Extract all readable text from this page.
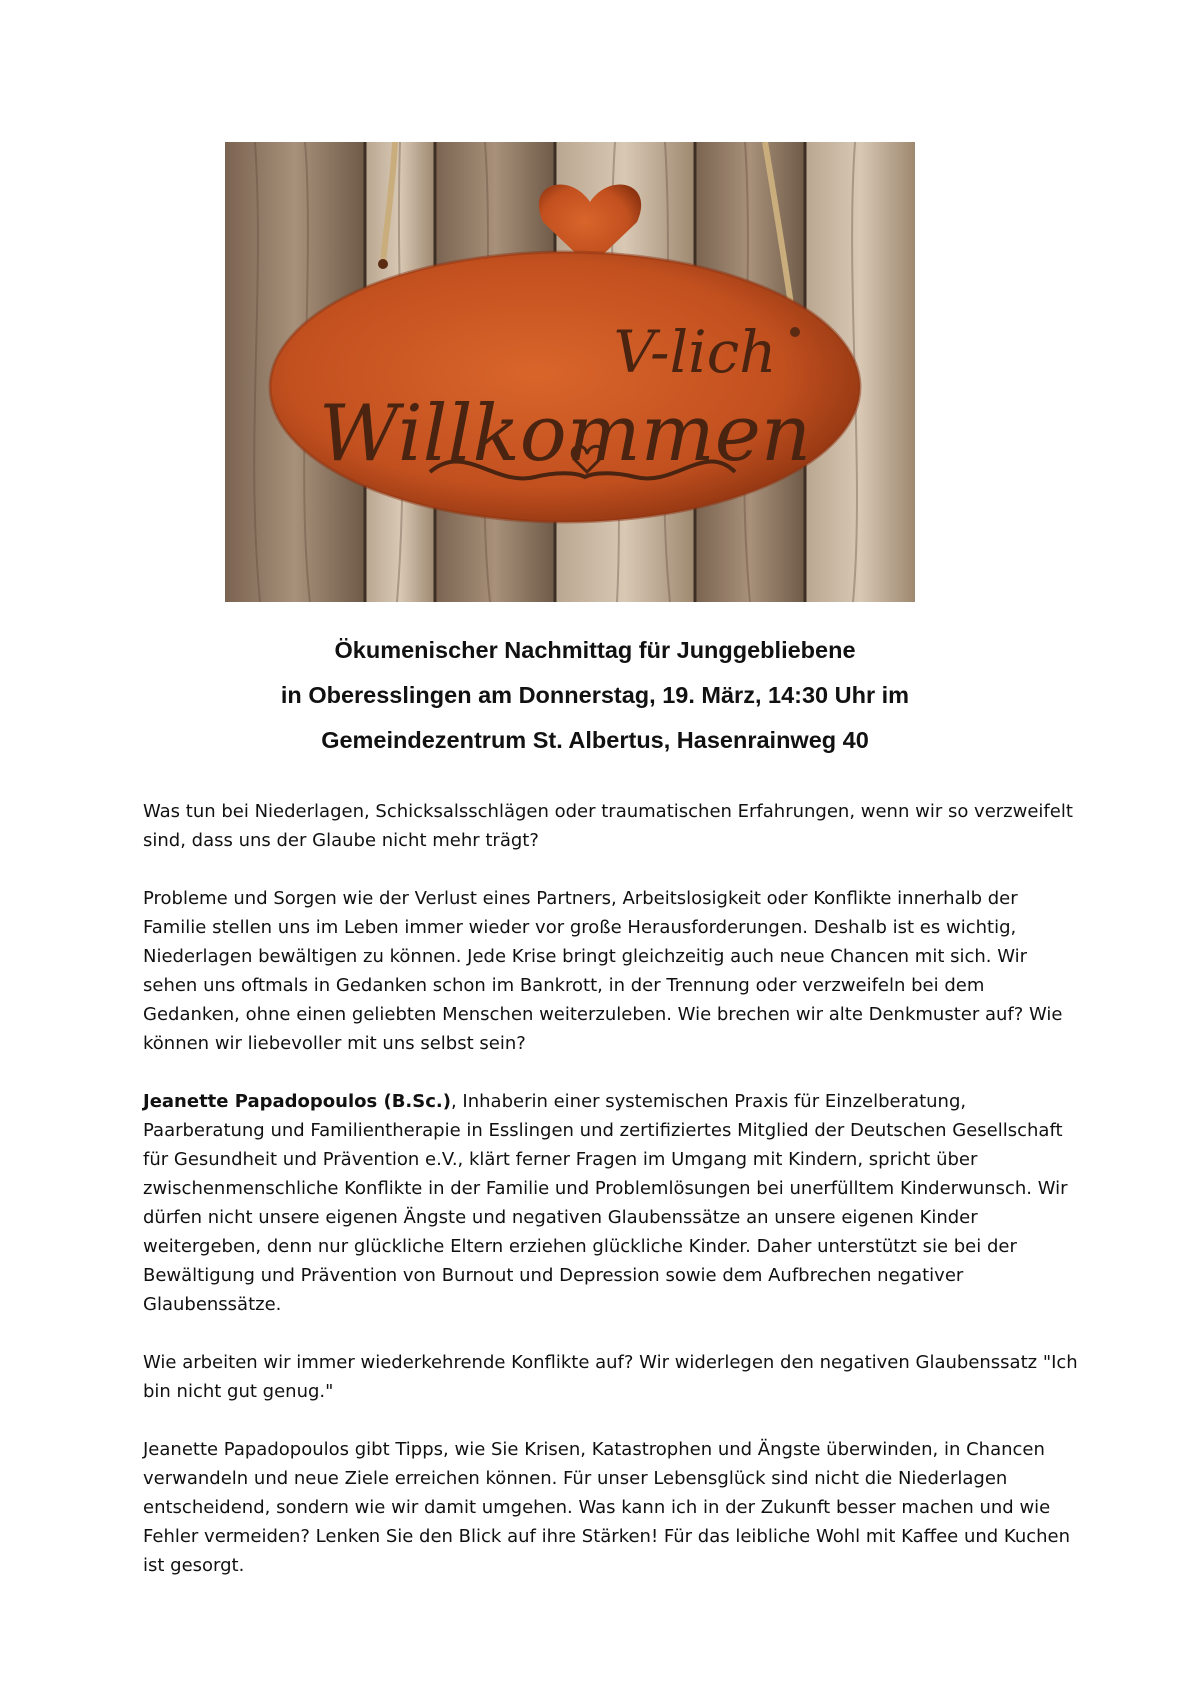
V-lich
Willkommen
Ökumenischer Nachmittag für Junggebliebene
in Oberesslingen am Donnerstag, 19. März, 14:30 Uhr im
Gemeindezentrum St. Albertus, Hasenrainweg 40

Was tun bei Niederlagen, Schicksalsschlägen oder traumatischen Erfahrungen, wenn wir so verzweifelt sind, dass uns der Glaube nicht mehr trägt?

Probleme und Sorgen wie der Verlust eines Partners, Arbeitslosigkeit oder Konflikte innerhalb der Familie stellen uns im Leben immer wieder vor große Herausforderungen. Deshalb ist es wichtig, Niederlagen bewältigen zu können. Jede Krise bringt gleichzeitig auch neue Chancen mit sich. Wir sehen uns oftmals in Gedanken schon im Bankrott, in der Trennung oder verzweifeln bei dem Gedanken, ohne einen geliebten Menschen weiterzuleben. Wie brechen wir alte Denkmuster auf? Wie können wir liebevoller mit uns selbst sein?

Jeanette Papadopoulos (B.Sc.), Inhaberin einer systemischen Praxis für Einzelberatung, Paarberatung und Familientherapie in Esslingen und zertifiziertes Mitglied der Deutschen Gesellschaft für Gesundheit und Prävention e.V., klärt ferner Fragen im Umgang mit Kindern, spricht über zwischenmenschliche Konflikte in der Familie und Problemlösungen bei unerfülltem Kinderwunsch. Wir dürfen nicht unsere eigenen Ängste und negativen Glaubenssätze an unsere eigenen Kinder weitergeben, denn nur glückliche Eltern erziehen glückliche Kinder. Daher unterstützt sie bei der Bewältigung und Prävention von Burnout und Depression sowie dem Aufbrechen negativer Glaubenssätze.

Wie arbeiten wir immer wiederkehrende Konflikte auf? Wir widerlegen den negativen Glaubenssatz "Ich bin nicht gut genug."

Jeanette Papadopoulos gibt Tipps, wie Sie Krisen, Katastrophen und Ängste überwinden, in Chancen verwandeln und neue Ziele erreichen können. Für unser Lebensglück sind nicht die Niederlagen entscheidend, sondern wie wir damit umgehen. Was kann ich in der Zukunft besser machen und wie Fehler vermeiden? Lenken Sie den Blick auf ihre Stärken! Für das leibliche Wohl mit Kaffee und Kuchen ist gesorgt.
